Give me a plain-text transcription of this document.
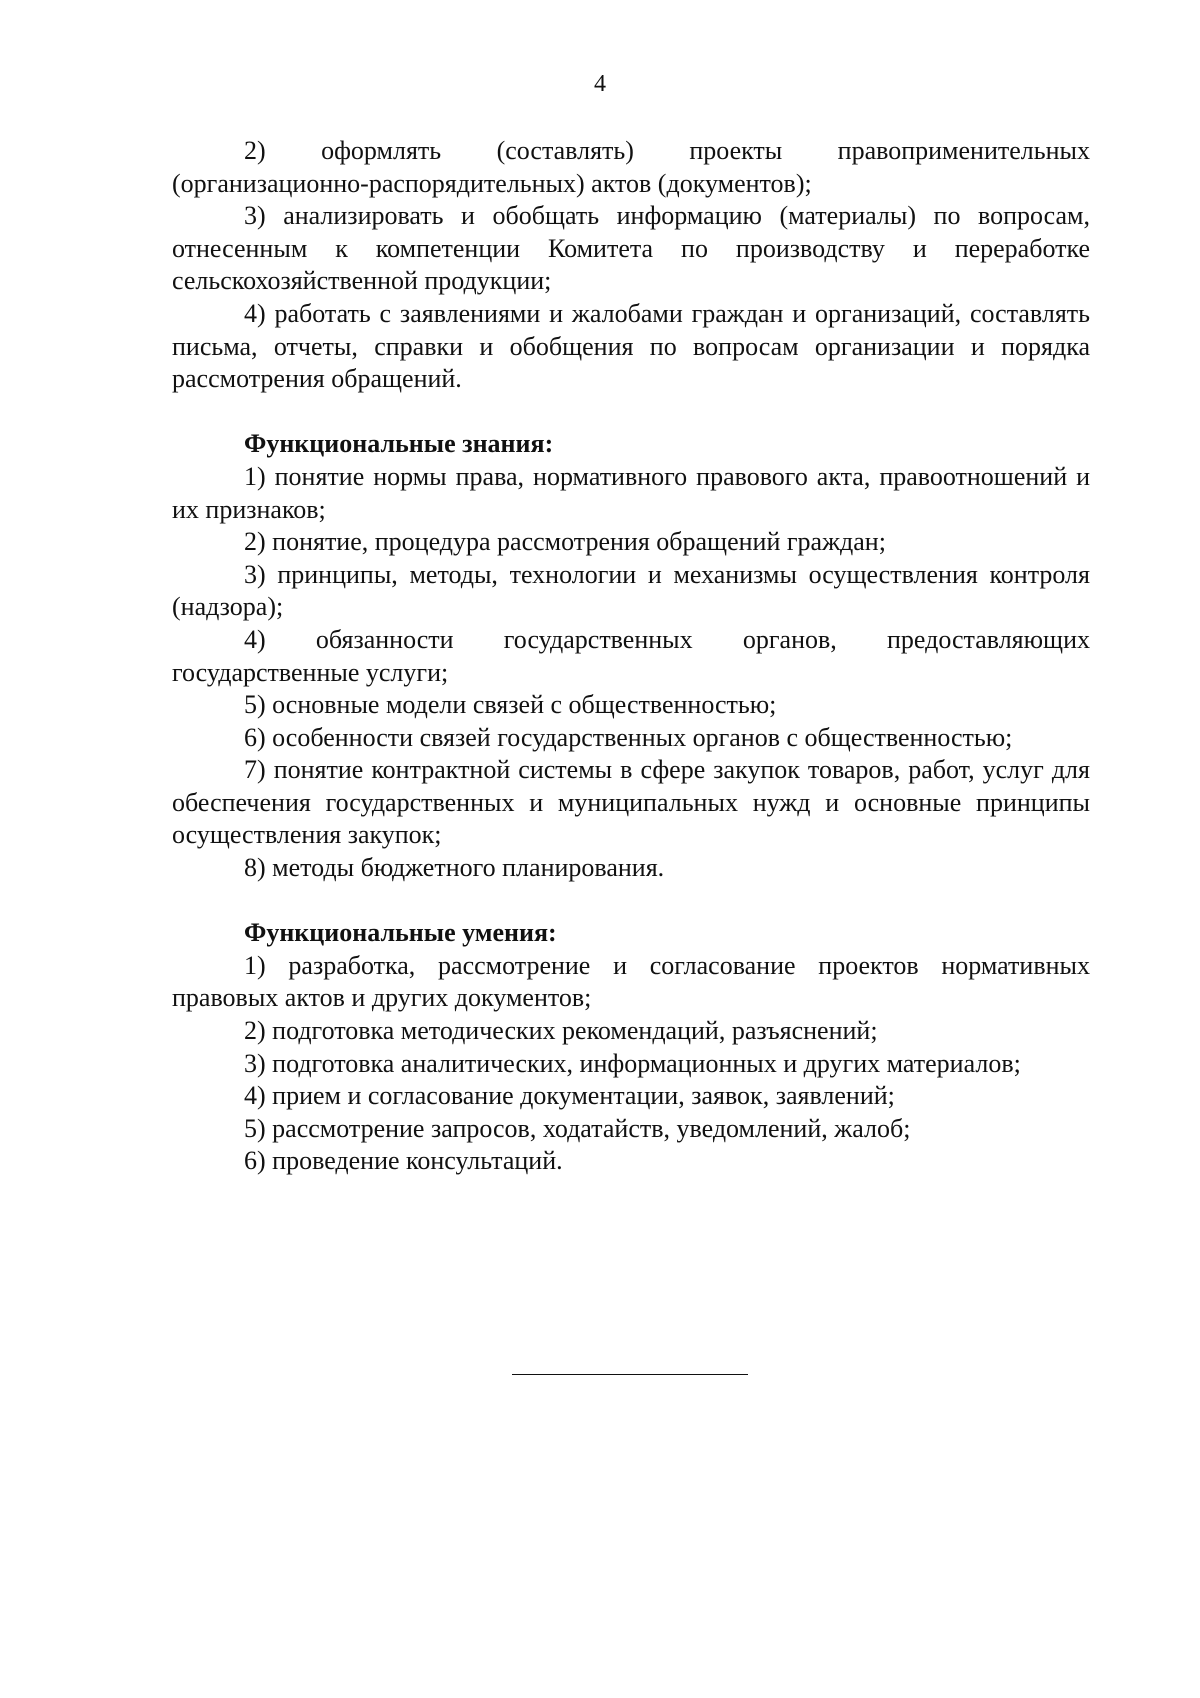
4

2) оформлять (составлять) проекты правоприменительных (организационно-распорядительных) актов (документов);

3) анализировать и обобщать информацию (материалы) по вопросам, отнесенным к компетенции Комитета по производству и переработке сельскохозяйственной продукции;

4) работать с заявлениями и жалобами граждан и организаций, составлять письма, отчеты, справки и обобщения по вопросам организации и порядка рассмотрения обращений.

Функциональные знания:

1) понятие нормы права, нормативного правового акта, правоотношений и их признаков;

2) понятие, процедура рассмотрения обращений граждан;

3) принципы, методы, технологии и механизмы осуществления контроля (надзора);

4) обязанности государственных органов, предоставляющих государственные услуги;

5) основные модели связей с общественностью;

6) особенности связей государственных органов с общественностью;

7) понятие контрактной системы в сфере закупок товаров, работ, услуг для обеспечения государственных и муниципальных нужд и основные принципы осуществления закупок;

8) методы бюджетного планирования.

Функциональные умения:

1) разработка, рассмотрение и согласование проектов нормативных правовых актов и других документов;

2) подготовка методических рекомендаций, разъяснений;

3) подготовка аналитических, информационных и других материалов;

4) прием и согласование документации, заявок, заявлений;

5) рассмотрение запросов, ходатайств, уведомлений, жалоб;

6) проведение консультаций.
